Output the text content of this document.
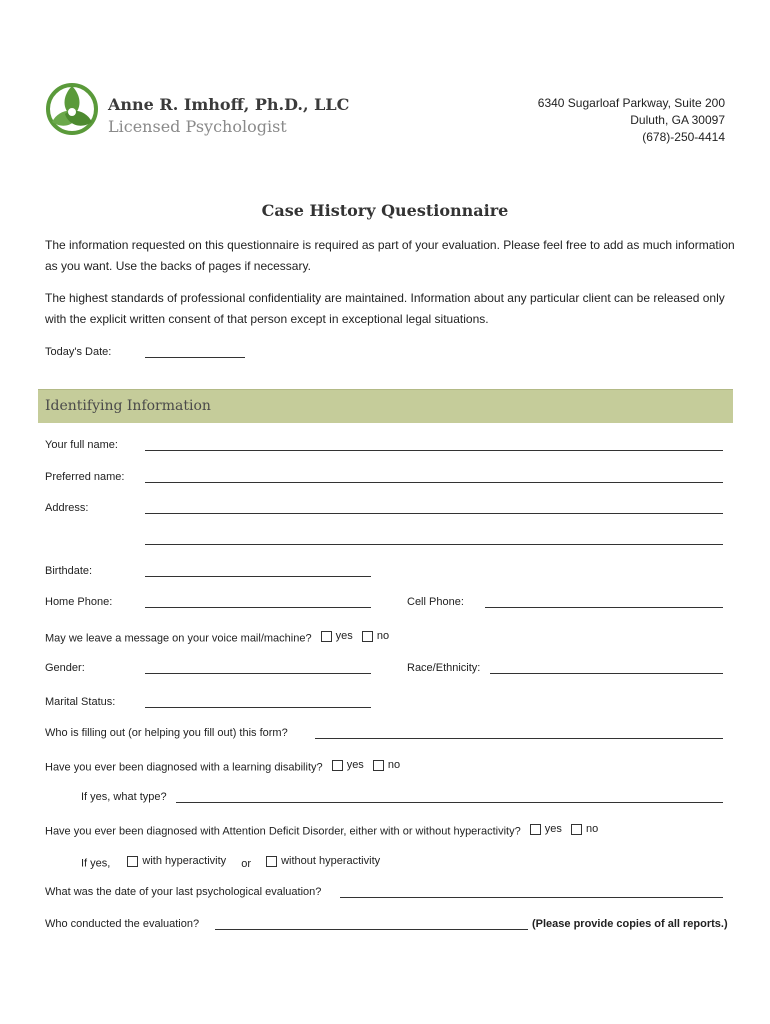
Anne R. Imhoff, Ph.D., LLC
Licensed Psychologist
6340 Sugarloaf Parkway, Suite 200
Duluth, GA 30097
(678)-250-4414
Case History Questionnaire
The information requested on this questionnaire is required as part of your evaluation. Please feel free to add as much information as you want. Use the backs of pages if necessary.
The highest standards of professional confidentiality are maintained. Information about any particular client can be released only with the explicit written consent of that person except in exceptional legal situations.
Today's Date:
Identifying Information
Your full name:
Preferred name:
Address:
Birthdate:
Home Phone:	Cell Phone:
May we leave a message on your voice mail/machine? yes
no
Gender:	Race/Ethnicity:
Marital Status:
Who is filling out (or helping you fill out) this form?
Have you ever been diagnosed with a learning disability? yes
no
If yes, what type?
Have you ever been diagnosed with Attention Deficit Disorder, either with or without hyperactivity? yes
no
If yes,	with hyperactivity or	without hyperactivity
What was the date of your last psychological evaluation?
Who conducted the evaluation?	(Please provide copies of all reports.)
